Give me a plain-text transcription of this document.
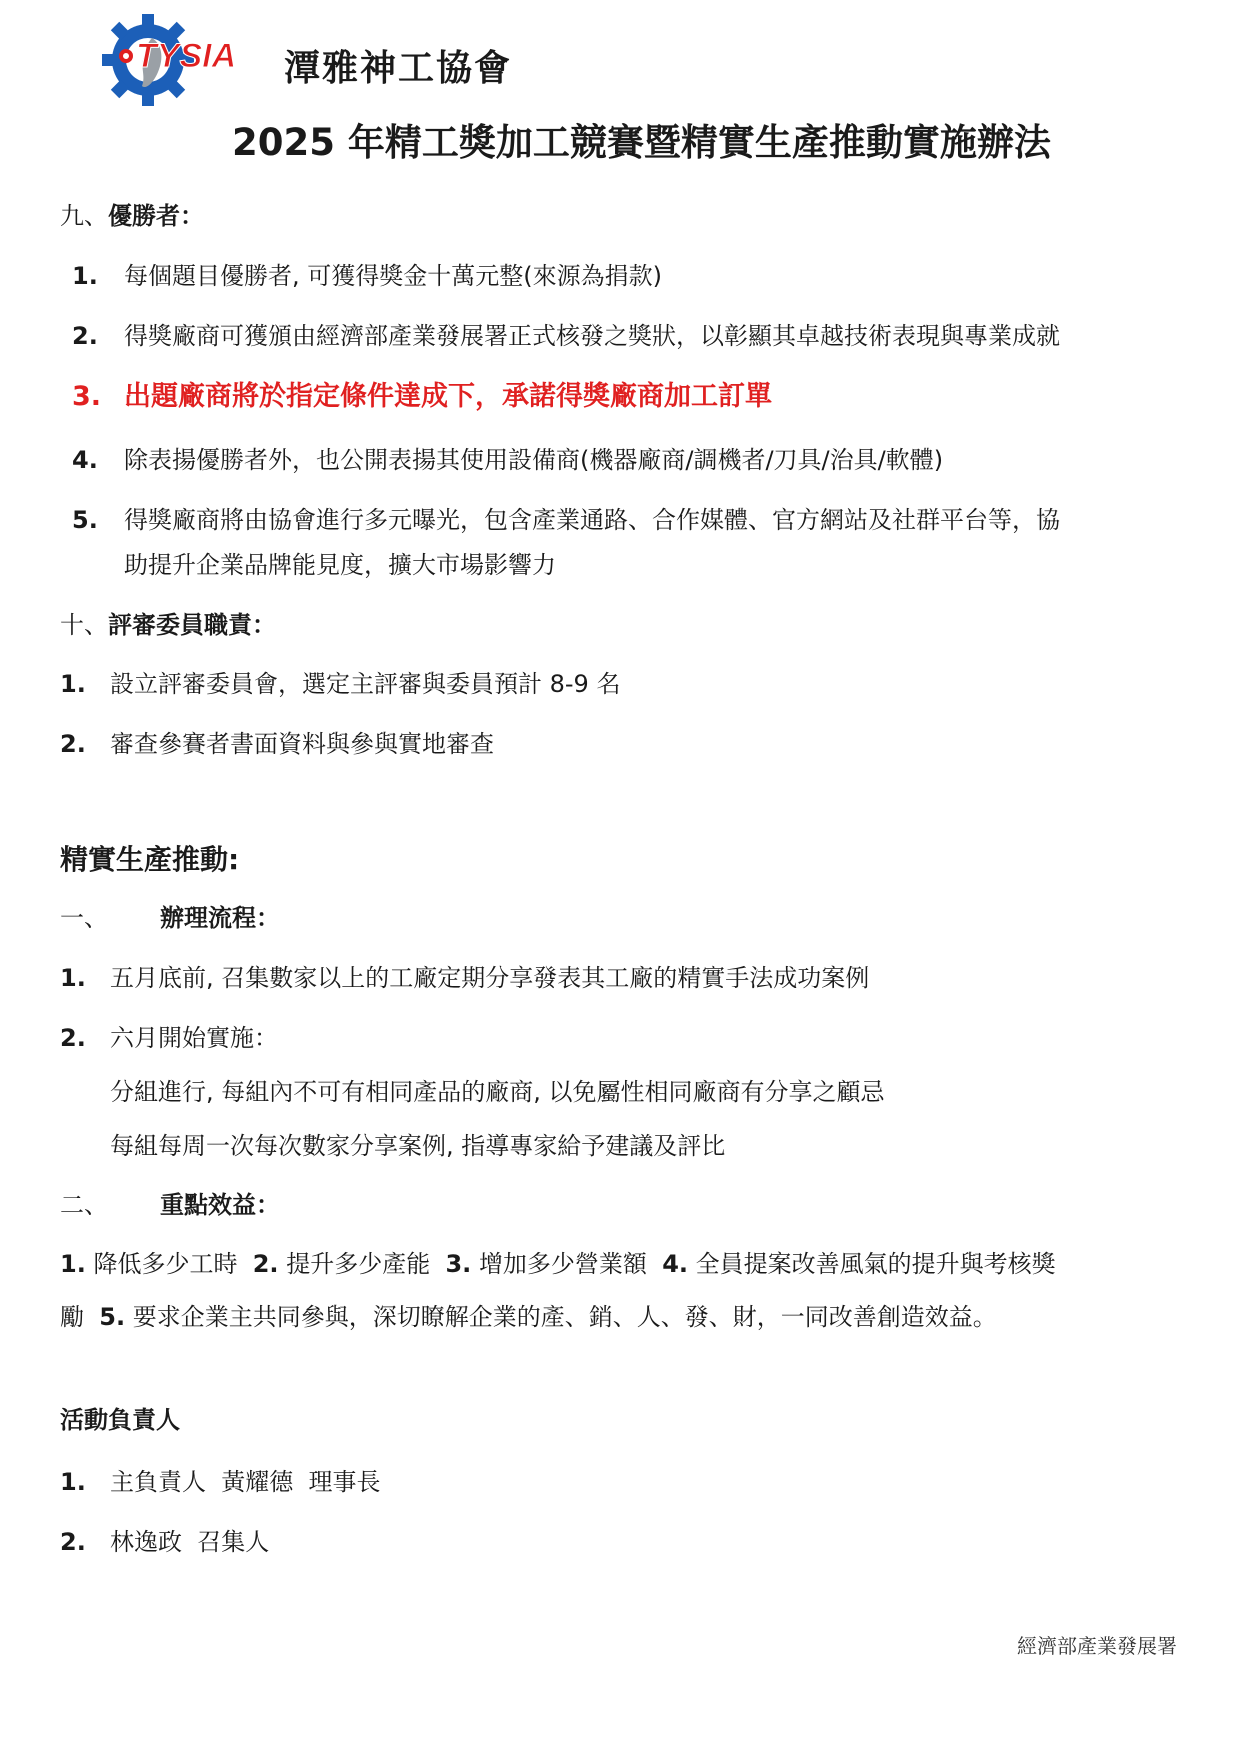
TYSIA 潭雅神工協會
2025 年精工獎加工競賽暨精實生產推動實施辦法
九、優勝者：
1. 每個題目優勝者, 可獲得獎金十萬元整(來源為捐款)
2. 得獎廠商可獲頒由經濟部產業發展署正式核發之獎狀，以彰顯其卓越技術表現與專業成就
3. 出題廠商將於指定條件達成下，承諾得獎廠商加工訂單
4. 除表揚優勝者外，也公開表揚其使用設備商(機器廠商/調機者/刀具/治具/軟體)
5. 得獎廠商將由協會進行多元曝光，包含產業通路、合作媒體、官方網站及社群平台等，協
助提升企業品牌能見度，擴大市場影響力
十、評審委員職責：
1. 設立評審委員會，選定主評審與委員預計 8-9 名
2. 審查參賽者書面資料與參與實地審查
精實生產推動:
一、 辦理流程：
1. 五月底前, 召集數家以上的工廠定期分享發表其工廠的精實手法成功案例
2. 六月開始實施：
分組進行, 每組內不可有相同產品的廠商, 以免屬性相同廠商有分享之顧忌
每組每周一次每次數家分享案例, 指導專家給予建議及評比
二、 重點效益：
1. 降低多少工時 2. 提升多少產能 3. 增加多少營業額 4. 全員提案改善風氣的提升與考核獎
勵 5. 要求企業主共同參與，深切瞭解企業的產、銷、人、發、財，一同改善創造效益。
活動負責人
1. 主負責人  黃耀德  理事長
2. 林逸政  召集人
經濟部產業發展署
